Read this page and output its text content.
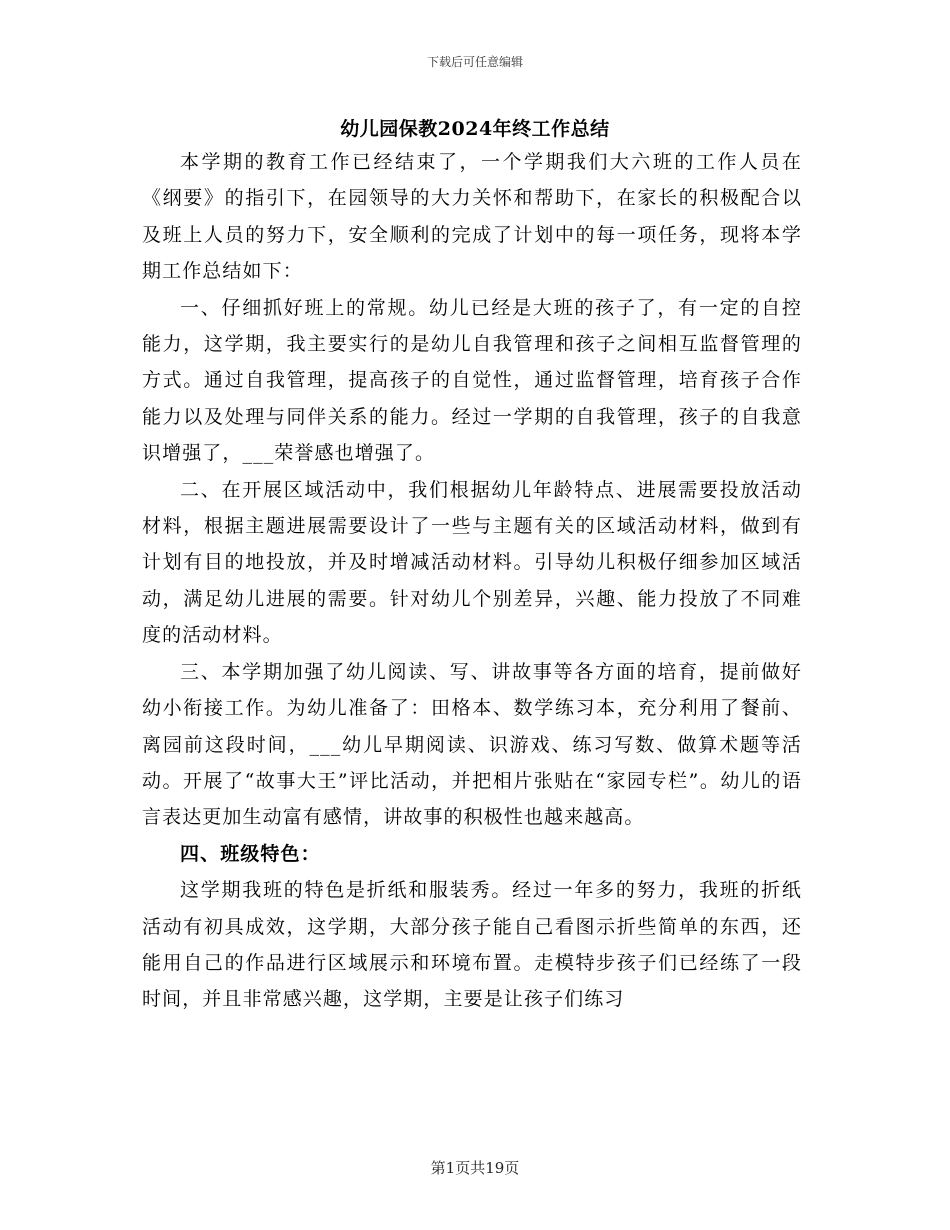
下载后可任意编辑
幼儿园保教2024年终工作总结

本学期的教育工作已经结束了，一个学期我们大六班的工作人员在《纲要》的指引下，在园领导的大力关怀和帮助下，在家长的积极配合以及班上人员的努力下，安全顺利的完成了计划中的每一项任务，现将本学期工作总结如下：

一、仔细抓好班上的常规。幼儿已经是大班的孩子了，有一定的自控能力，这学期，我主要实行的是幼儿自我管理和孩子之间相互监督管理的方式。通过自我管理，提高孩子的自觉性，通过监督管理，培育孩子合作能力以及处理与同伴关系的能力。经过一学期的自我管理，孩子的自我意识增强了，___荣誉感也增强了。

二、在开展区域活动中，我们根据幼儿年龄特点、进展需要投放活动材料，根据主题进展需要设计了一些与主题有关的区域活动材料，做到有计划有目的地投放，并及时增减活动材料。引导幼儿积极仔细参加区域活动，满足幼儿进展的需要。针对幼儿个别差异，兴趣、能力投放了不同难度的活动材料。

三、本学期加强了幼儿阅读、写、讲故事等各方面的培育，提前做好幼小衔接工作。为幼儿准备了：田格本、数学练习本，充分利用了餐前、离园前这段时间，___幼儿早期阅读、识游戏、练习写数、做算术题等活动。开展了“故事大王”评比活动，并把相片张贴在“家园专栏”。幼儿的语言表达更加生动富有感情，讲故事的积极性也越来越高。

四、班级特色：

这学期我班的特色是折纸和服装秀。经过一年多的努力，我班的折纸活动有初具成效，这学期，大部分孩子能自己看图示折些简单的东西，还能用自己的作品进行区域展示和环境布置。走模特步孩子们已经练了一段时间，并且非常感兴趣，这学期，主要是让孩子们练习

第1页共19页
